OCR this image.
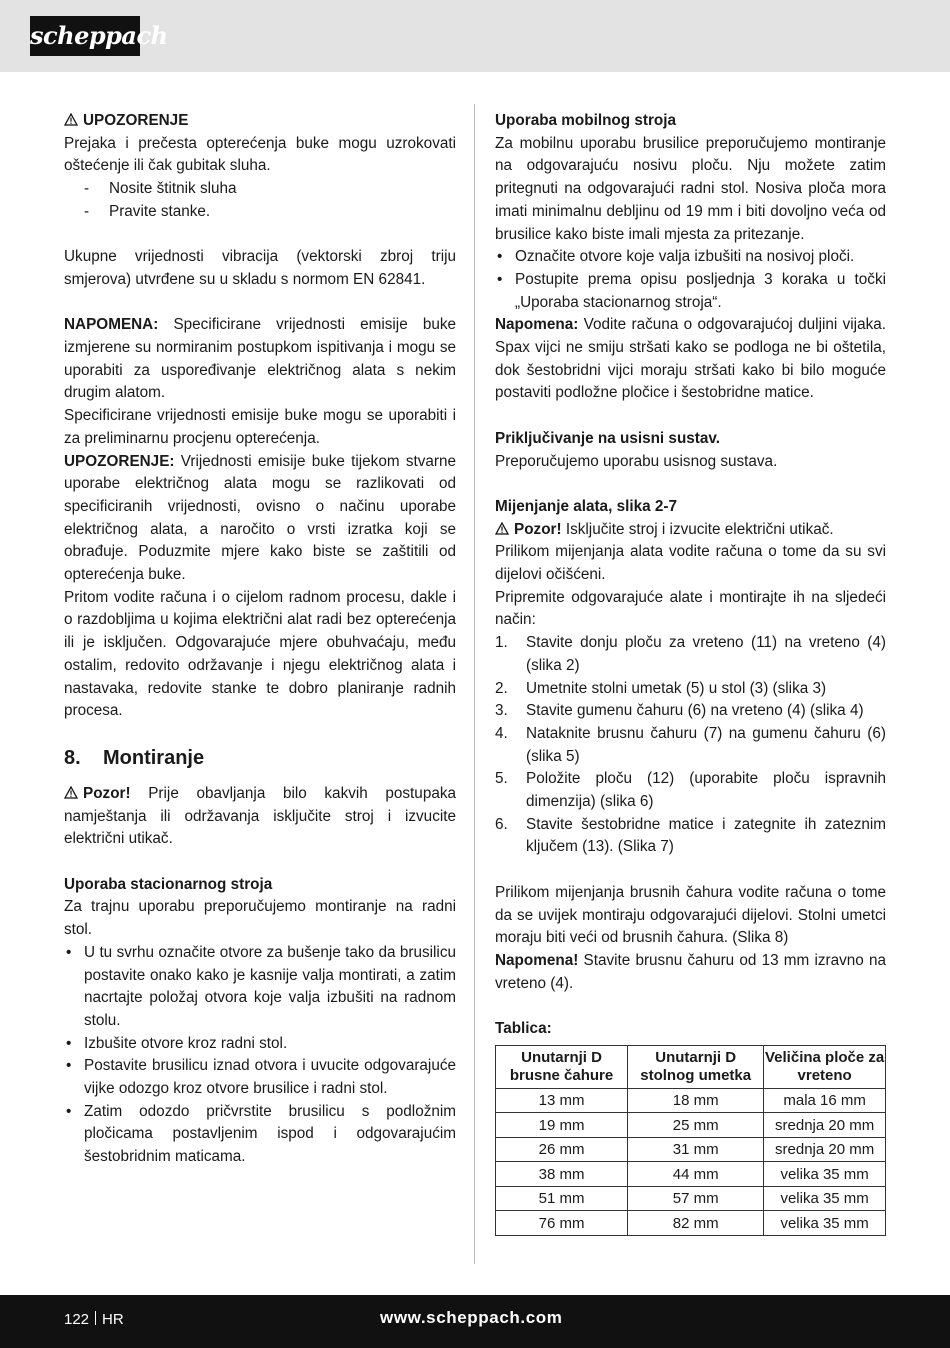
scheppach

UPOZORENJE

Prejaka i prečesta opterećenja buke mogu uzrokovati oštećenje ili čak gubitak sluha.

- Nosite štitnik sluha
- Pravite stanke.

Ukupne vrijednosti vibracija (vektorski zbroj triju smjerova) utvrđene su u skladu s normom EN 62841.

NAPOMENA: Specificirane vrijednosti emisije buke izmjerene su normiranim postupkom ispitivanja i mogu se uporabiti za uspoređivanje električnog alata s nekim drugim alatom.

Specificirane vrijednosti emisije buke mogu se uporabiti i za preliminarnu procjenu opterećenja.

UPOZORENJE: Vrijednosti emisije buke tijekom stvarne uporabe električnog alata mogu se razlikovati od specificiranih vrijednosti, ovisno o načinu uporabe električnog alata, a naročito o vrsti izratka koji se obrađuje. Poduzmite mjere kako biste se zaštitili od opterećenja buke.

Pritom vodite računa i o cijelom radnom procesu, dakle i o razdobljima u kojima električni alat radi bez opterećenja ili je isključen. Odgovarajuće mjere obuhvaćaju, među ostalim, redovito održavanje i njegu električnog alata i nastavaka, redovite stanke te dobro planiranje radnih procesa.

8. Montiranje

Pozor! Prije obavljanja bilo kakvih postupaka namještanja ili održavanja isključite stroj i izvucite električni utikač.

Uporaba stacionarnog stroja

Za trajnu uporabu preporučujemo montiranje na radni stol.

• U tu svrhu označite otvore za bušenje tako da brusilicu postavite onako kako je kasnije valja montirati, a zatim nacrtajte položaj otvora koje valja izbušiti na radnom stolu.
• Izbušite otvore kroz radni stol.
• Postavite brusilicu iznad otvora i uvucite odgovarajuće vijke odozgo kroz otvore brusilice i radni stol.
• Zatim odozdo pričvrstite brusilicu s podložnim pločicama postavljenim ispod i odgovarajućim šestobridnim maticama.

Uporaba mobilnog stroja

Za mobilnu uporabu brusilice preporučujemo montiranje na odgovarajuću nosivu ploču. Nju možete zatim pritegnuti na odgovarajući radni stol. Nosiva ploča mora imati minimalnu debljinu od 19 mm i biti dovoljno veća od brusilice kako biste imali mjesta za pritezanje.

• Označite otvore koje valja izbušiti na nosivoj ploči.
• Postupite prema opisu posljednja 3 koraka u točki „Uporaba stacionarnog stroja“.

Napomena: Vodite računa o odgovarajućoj duljini vijaka. Spax vijci ne smiju stršati kako se podloga ne bi oštetila, dok šestobridni vijci moraju stršati kako bi bilo moguće postaviti podložne pločice i šestobridne matice.

Priključivanje na usisni sustav.

Preporučujemo uporabu usisnog sustava.

Mijenjanje alata, slika 2-7

Pozor! Isključite stroj i izvucite električni utikač.

Prilikom mijenjanja alata vodite računa o tome da su svi dijelovi očišćeni.

Pripremite odgovarajuće alate i montirajte ih na sljedeći način:

1. Stavite donju ploču za vreteno (11) na vreteno (4) (slika 2)
2. Umetnite stolni umetak (5) u stol (3) (slika 3)
3. Stavite gumenu čahuru (6) na vreteno (4) (slika 4)
4. Nataknite brusnu čahuru (7) na gumenu čahuru (6) (slika 5)
5. Položite ploču (12) (uporabite ploču ispravnih dimenzija) (slika 6)
6. Stavite šestobridne matice i zategnite ih zateznim ključem (13). (Slika 7)

Prilikom mijenjanja brusnih čahura vodite računa o tome da se uvijek montiraju odgovarajući dijelovi. Stolni umetci moraju biti veći od brusnih čahura. (Slika 8)

Napomena! Stavite brusnu čahuru od 13 mm izravno na vreteno (4).

Tablica:

Unutarnji D brusne čahure	Unutarnji D stolnog umetka	Veličina ploče za vreteno
13 mm	18 mm	mala 16 mm
19 mm	25 mm	srednja 20 mm
26 mm	31 mm	srednja 20 mm
38 mm	44 mm	velika 35 mm
51 mm	57 mm	velika 35 mm
76 mm	82 mm	velika 35 mm
122 HR	www.scheppach.com
